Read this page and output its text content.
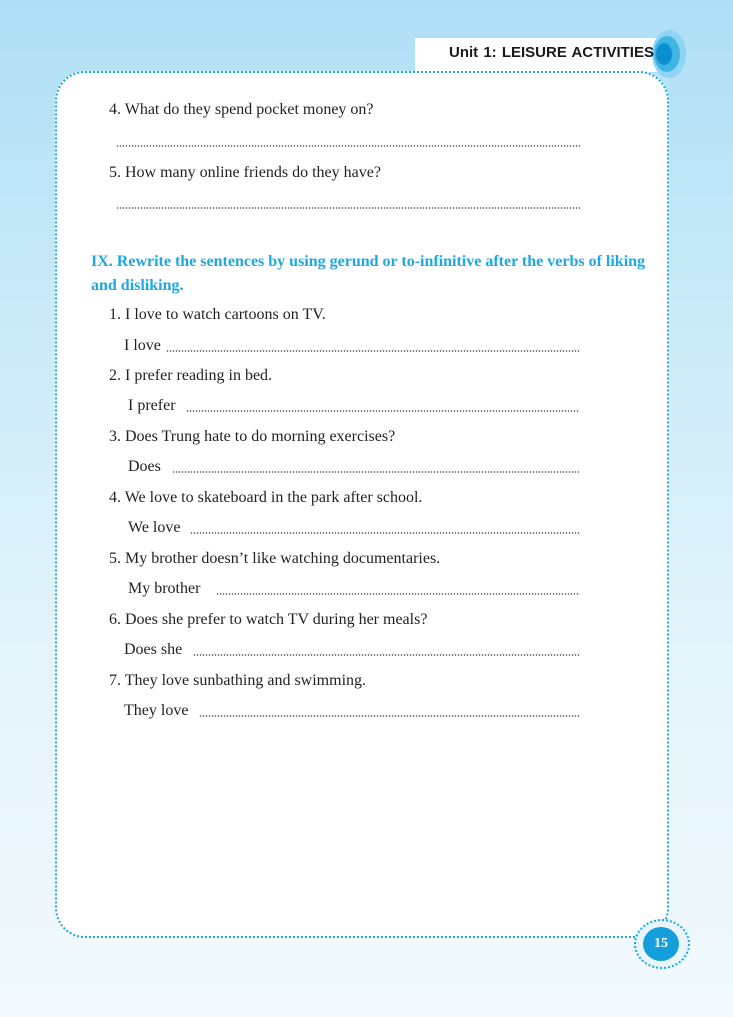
Unit 1: LEISURE ACTIVITIES
4. What do they spend pocket money on?
5. How many online friends do they have?
IX. Rewrite the sentences by using gerund or to-infinitive after the verbs of liking and disliking.
1. I love to watch cartoons on TV.
I love
2. I prefer reading in bed.
I prefer
3. Does Trung hate to do morning exercises?
Does
4. We love to skateboard in the park after school.
We love
5. My brother doesn’t like watching documentaries.
My brother
6. Does she prefer to watch TV during her meals?
Does she
7. They love sunbathing and swimming.
They love
15
